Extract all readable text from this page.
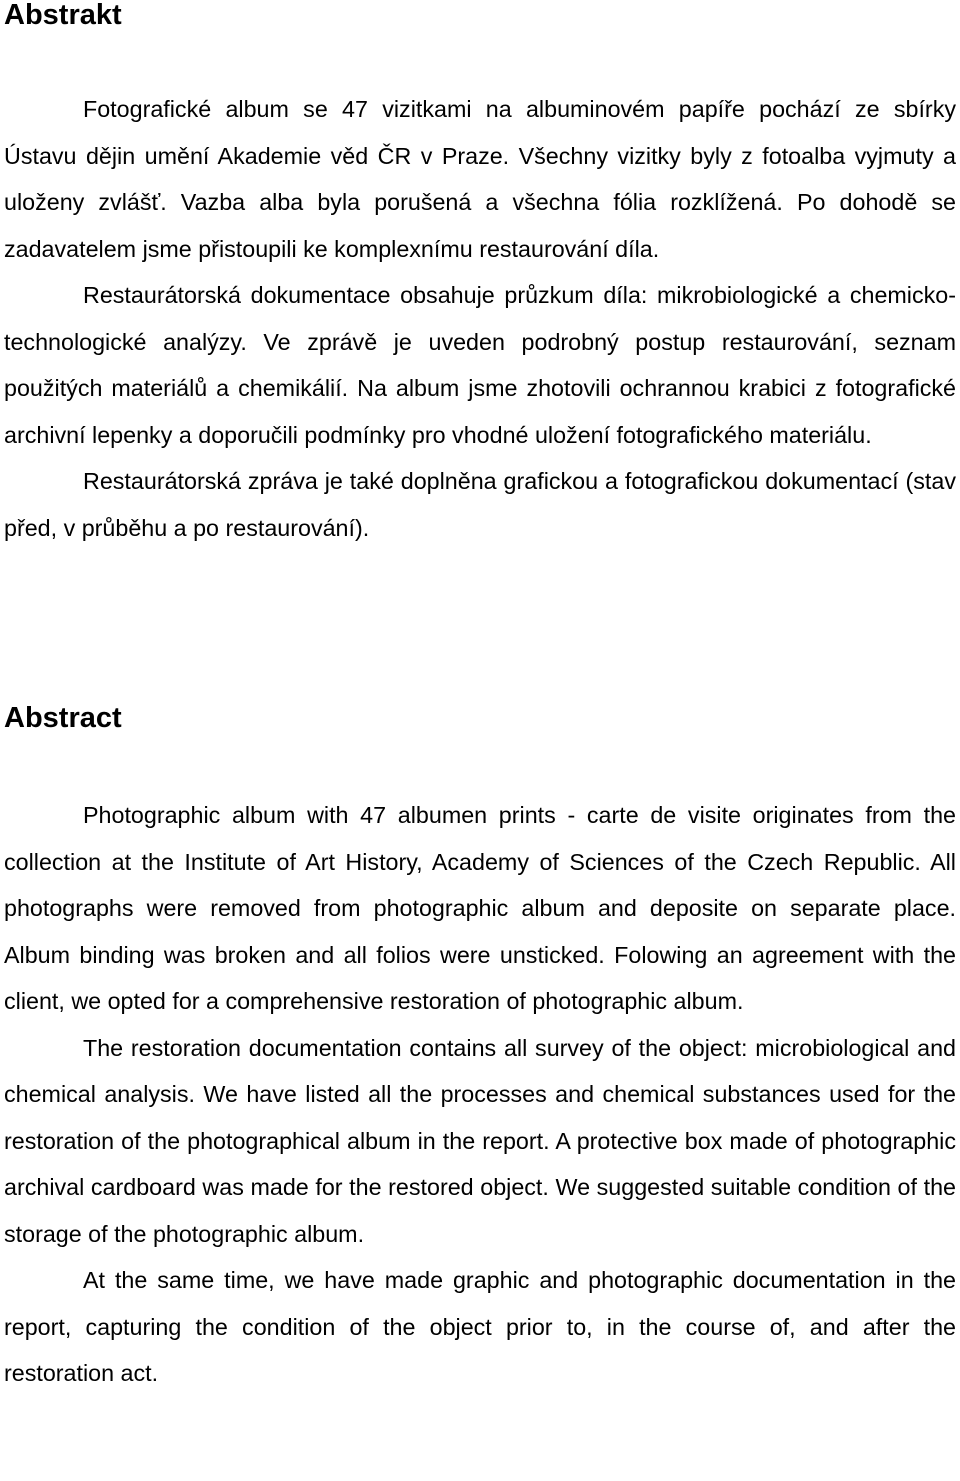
Abstrakt

Fotografické album se 47 vizitkami na albuminovém papíře pochází ze sbírky Ústavu dějin umění Akademie věd ČR v Praze. Všechny vizitky byly z fotoalba vyjmuty a uloženy zvlášť. Vazba alba byla porušená a všechna fólia rozklížená. Po dohodě se zadavatelem jsme přistoupili ke komplexnímu restaurování díla.

Restaurátorská dokumentace obsahuje průzkum díla: mikrobiologické a chemicko-technologické analýzy. Ve zprávě je uveden podrobný postup restaurování, seznam použitých materiálů a chemikálií. Na album jsme zhotovili ochrannou krabici z fotografické archivní lepenky a doporučili podmínky pro vhodné uložení fotografického materiálu.

Restaurátorská zpráva je také doplněna grafickou a fotografickou dokumentací (stav před, v průběhu a po restaurování).

Abstract

Photographic album with 47 albumen prints - carte de visite originates from the collection at the Institute of Art History, Academy of Sciences of the Czech Republic. All photographs were removed from photographic album and deposite on separate place. Album binding was broken and all folios were unsticked. Folowing an agreement with the client, we opted for a comprehensive restoration of photographic album.

The restoration documentation contains all survey of the object: microbiological and chemical analysis. We have listed all the processes and chemical substances used for the restoration of the photographical album in the report. A protective box made of photographic archival cardboard was made for the restored object. We suggested suitable condition of the storage of the photographic album.

At the same time, we have made graphic and photographic documentation in the report, capturing the condition of the object prior to, in the course of, and after the restoration act.
